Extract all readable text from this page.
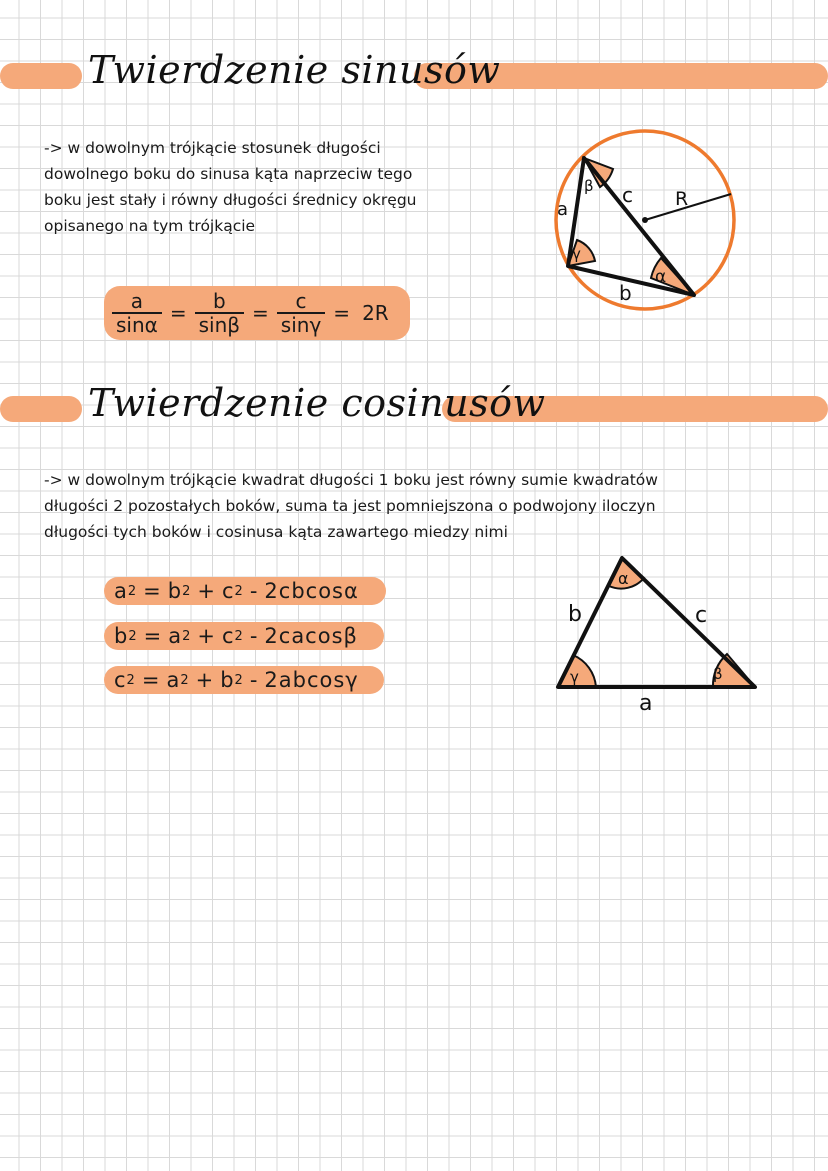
Twierdzenie sinusów
-> w dowolnym trójkącie stosunek długości
dowolnego boku do sinusa kąta naprzeciw tego
boku jest stały i równy długości średnicy okręgu
opisanego na tym trójkącie
$\frac{a}{\sin\alpha} = \frac{b}{\sin\beta} = \frac{c}{\sin\gamma} = 2R$
a
b
c R
β
γ
α
Twierdzenie cosinusów
-> w dowolnym trójkącie kwadrat długości 1 boku jest równy sumie kwadratów
długości 2 pozostałych boków, suma ta jest pomniejszona o podwojony iloczyn
długości tych boków i cosinusa kąta zawartego miedzy nimi
a 2 = b 2 + c 2 - 2cbcosα
b 2 = a 2 + c 2 - 2cacosβ
c 2 = a 2 + b 2 - 2abcosγ
α
γ	β
b	c
a
